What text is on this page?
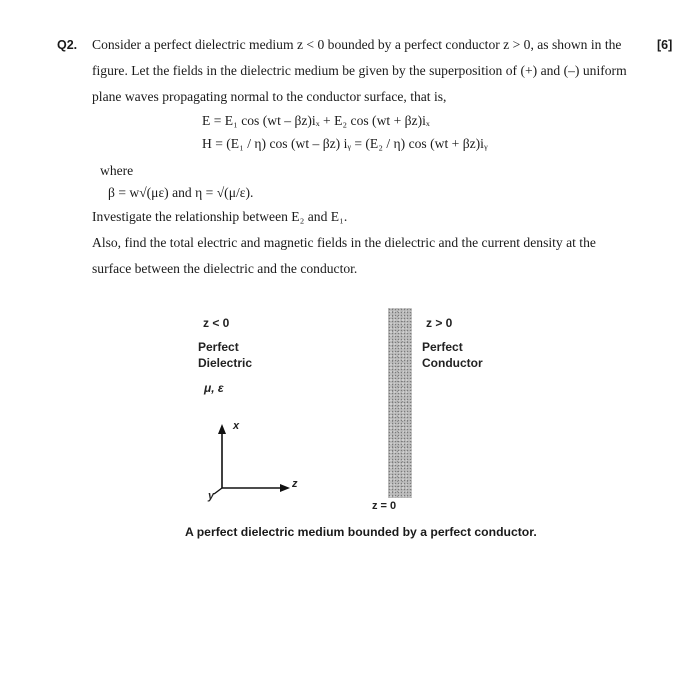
Q2.	[6]
Consider a perfect dielectric medium z < 0 bounded by a perfect conductor z > 0, as shown in the
figure. Let the fields in the dielectric medium be given by the superposition of (+) and (–) uniform
plane waves propagating normal to the conductor surface, that is,
E = E₁ cos (wt – βz)iₓ + E₂ cos (wt + βz)iₓ
H = (E₁ / η) cos (wt – βz) iᵧ = (E₂ / η) cos (wt + βz)iᵧ
where
β = w√(με) and η = √(μ/ε).
Investigate the relationship between E₂ and E₁.
Also, find the total electric and magnetic fields in the dielectric and the current density at the
surface between the dielectric and the conductor.
z < 0
Perfect
Dielectric
μ, ε
z > 0
Perfect
Conductor
x
y
z
z = 0
A perfect dielectric medium bounded by a perfect conductor.
